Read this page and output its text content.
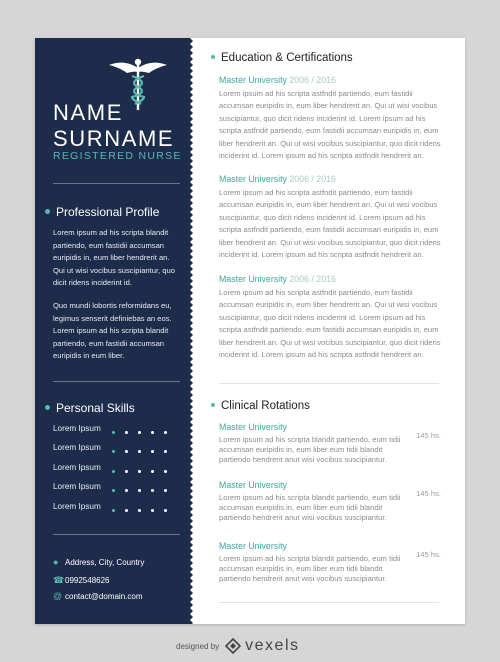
NAME
SURNAME
REGISTERED NURSE
Professional Profile
Lorem ipsum ad his scripta blandit partiendo, eum fastidii accumsan euripidis in, eum liber hendrerit an. Qui ut wisi vocibus suscipiantur, quo dicit ridens inciderint id.
Quo mundi lobortis reformidans eu, legimus senserit definiebas an eos. Lorem ipsum ad his scripta blandit partiendo, eum fastidii accumsan euripidis in eum liber.
Personal Skills
Lorem Ipsum
Lorem Ipsum
Lorem Ipsum
Lorem Ipsum
Lorem Ipsum
● Address, City, Country
☎0992548626
@ contact@domain.com
Education & Certifications
Master University 2006 / 2016
Lorem ipsum ad his scripta astfndit partiendo, eum fastidii accumsan euripidis in, eum liber hendrerit an. Qui ut wisi vocibus suscipiantur, quo dicit ridens inciderint id. Lorem ipsum ad his scripta astfndit partiendo, eum fastidii accumsan euripidis in, eum liber hendrerit an. Qui ut wisi vocibus suscipiantur, quo dicit ridens inciderint id. Lorem ipsum ad his scripta astfndit hendrerit an.
Master University 2006 / 2016
Lorem ipsum ad his scripta astfndit partiendo, eum fastidii accumsan euripidis in, eum liber hendrerit an. Qui ut wisi vocibus suscipiantur, quo dicit ridens inciderint id. Lorem ipsum ad his scripta astfndit partiendo, eum fastidii accumsan euripidis in, eum liber hendrerit an. Qui ut wisi vocibus suscipiantur, quo dicit ridens inciderint id. Lorem ipsum ad his scripta astfndit hendrerit an.
Master University 2006 / 2016
Lorem ipsum ad his scripta astfndit partiendo, eum fastidii accumsan euripidis in, eum liber hendrerit an. Qui ut wisi vocibus suscipiantur, quo dicit ridens inciderint id. Lorem ipsum ad his scripta astfndit partiendo, eum fastidii accumsan euripidis in, eum liber hendrerit an. Qui ut wisi vocibus suscipiantur, quo dicit ridens inciderint id. Lorem ipsum ad his scripta astfndit hendrerit an.
Clinical Rotations
Master University
Lorem ipsum ad his scripta blandit partiendo, eum tidii accumsan euripidis in, eum liber eum tidii blandit partiendo hendrerit anut wisi vocibus suscipiantur.
145 hs.
Master University
Lorem ipsum ad his scripta blandit partiendo, eum tidii accumsan euripidis in, eum liber eum tidii blandit partiendo hendrerit anut wisi vocibus suscipiantur.
145 hs.
Master University
Lorem ipsum ad his scripta blandit partiendo, eum tidii accumsan euripidis in, eum liber eum tidii blandit partiendo hendrerit anut wisi vocibus suscipiantur.
145 hs.
designed by vexels
